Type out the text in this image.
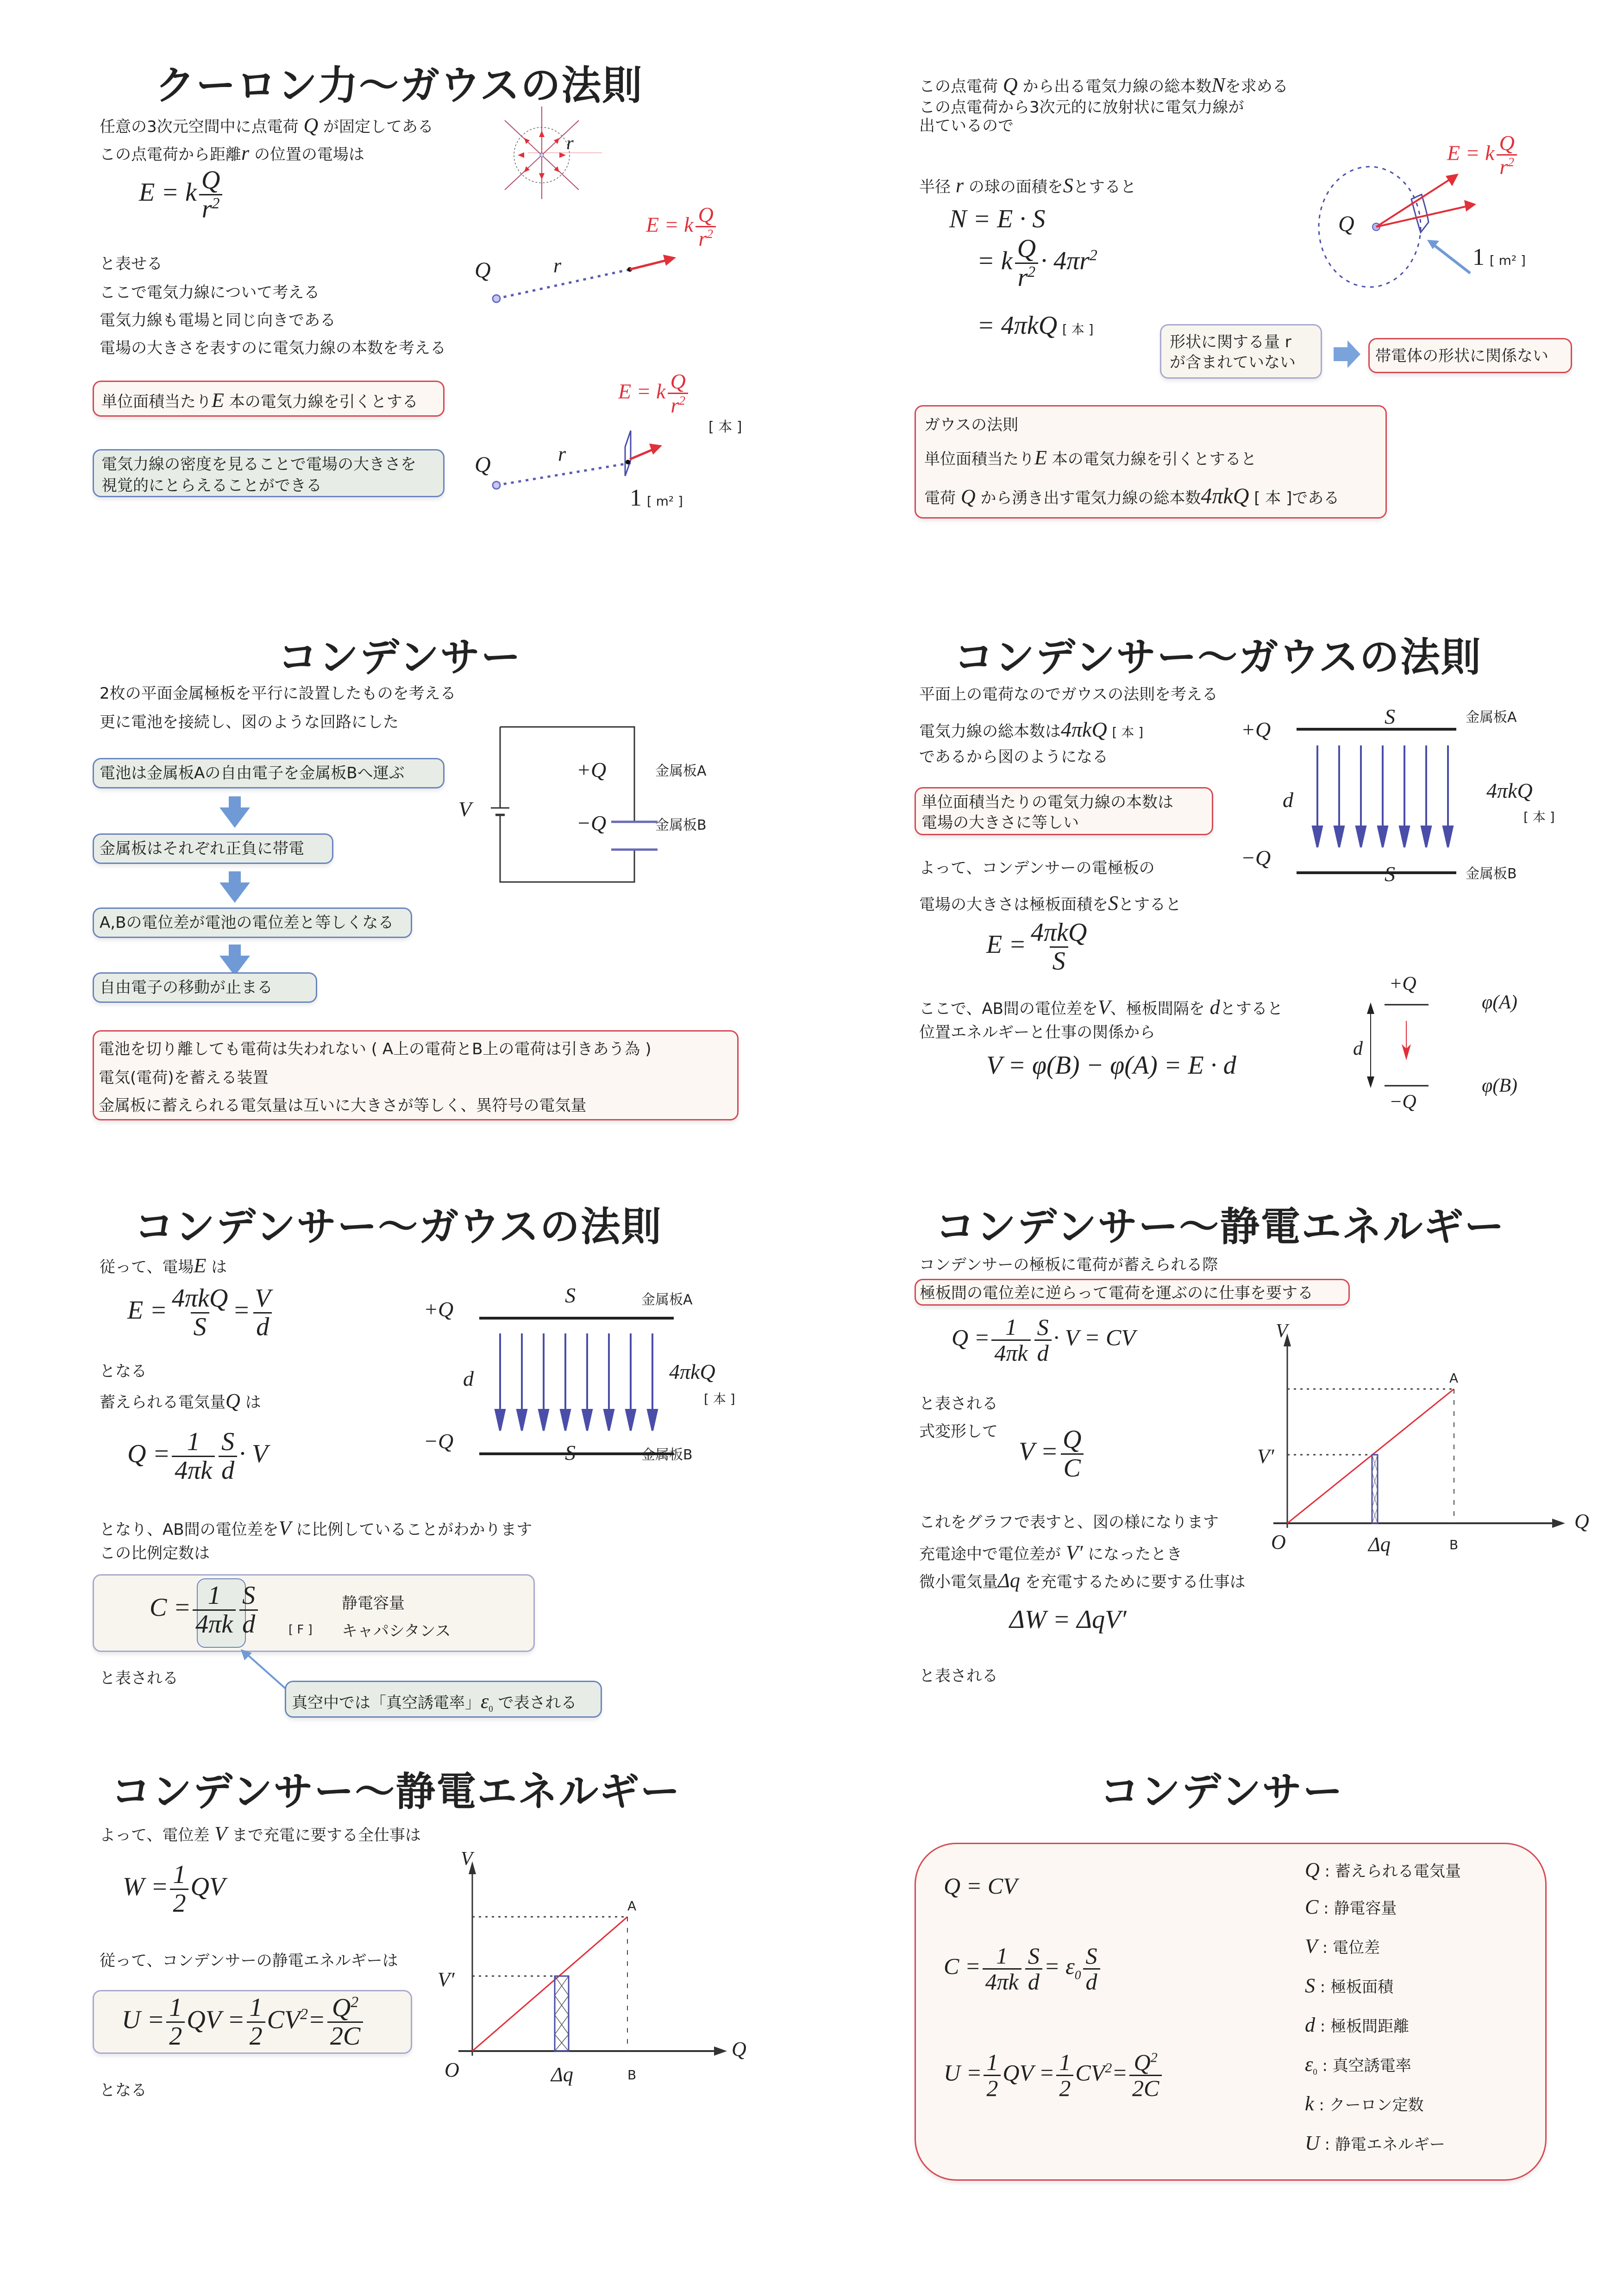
クーロン力～ガウスの法則
任意の3次元空間中に点電荷 Q が固定してある
この点電荷から距離r の位置の電場は
E = k $\frac{Q}{r^2}$
と表せる
ここで電気力線について考える
電気力線も電場と同じ向きである
電場の大きさを表すのに電気力線の本数を考える
単位面積当たりE 本の電気力線を引くとする
電気力線の密度を見ることで電場の大きさを
視覚的にとらえることができる
r
Q	r
E = k $\frac{Q}{r^2}$
Q	r
E = k $\frac{Q}{r^2}$
[ 本 ]
1 [ m² ]
この点電荷 Q から出る電気力線の総本数Nを求める
この点電荷から3次元的に放射状に電気力線が
出ているので
半径 r の球の面積をSとすると
N = E · S
= k $\frac{Q}{r^2} \cdot 4\pi r^2$
= 4πkQ [ 本 ]
形状に関する量 r
が含まれていない	帯電体の形状に関係ない
ガウスの法則
単位面積当たりE 本の電気力線を引くとすると
電荷 Q から湧き出す電気力線の総本数4πkQ [ 本 ]である
Q
E = k $\frac{Q}{r^2}$
1 [ m² ]
コンデンサー
2枚の平面金属極板を平行に設置したものを考える
更に電池を接続し、図のような回路にした
電池は金属板Aの自由電子を金属板Bへ運ぶ
金属板はそれぞれ正負に帯電
A,Bの電位差が電池の電位差と等しくなる
自由電子の移動が止まる
電池を切り離しても電荷は失われない ( A上の電荷とB上の電荷は引きあう為 )
電気(電荷)を蓄える装置
金属板に蓄えられる電気量は互いに大きさが等しく、異符号の電気量
V
+Q
−Q
金属板A
金属板B
コンデンサー～ガウスの法則
平面上の電荷なのでガウスの法則を考える
電気力線の総本数は4πkQ [ 本 ]
であるから図のようになる
単位面積当たりの電気力線の本数は
電場の大きさに等しい
よって、コンデンサーの電極板の
電場の大きさは極板面積をSとすると
+Q
−Q
S
S
d	4πkQ
[ 本 ]
金属板A
金属板B
$E = \frac{\text{4πkQ}}{S}$
ここで、AB間の電位差をV、極板間隔を dとすると
位置エネルギーと仕事の関係から
V = φ(B) − φ(A) = E · d
+Q
−Q
φ(A)
φ(B)
d
コンデンサー～ガウスの法則
従って、電場E は
$E = \frac{\text{4πkQ}}{S} = \frac{V}{d}$
となる
蓄えられる電気量Q は
$Q = \frac{1}{4\pi k} \frac{S}{d} \cdot V$
となり、AB間の電位差をV に比例していることがわかります
この比例定数は
$C = \frac{1}{4\pi k} \frac{S}{d}$	[ F ]
静電容量
キャパシタンス
と表される
真空中では「真空誘電率」$\varepsilon_0$ で表される
+Q
−Q
S
S
d	4πkQ
[ 本 ]
金属板A
金属板B
コンデンサー～静電エネルギー
コンデンサーの極板に電荷が蓄えられる際
極板間の電位差に逆らって電荷を運ぶのに仕事を要する
$Q = \frac{1}{4\pi k} \frac{S}{d} \cdot V$ = CV
と表される
式変形して
$V = \frac{Q}{C}$
これをグラフで表すと、図の様になります
充電途中で電位差が V′ になったとき
微小電気量Δq を充電するために要する仕事は
ΔW = ΔqV′
と表される
V
Q
O
V′
Δq
A
B
コンデンサー～静電エネルギー
よって、電位差 V まで充電に要する全仕事は
$W = \frac{1}{2}$ QV
従って、コンデンサーの静電エネルギーは
$U = \frac{1}{2}$ QV = $\frac{1}{2} CV^2= \frac{Q^2}{2C}$
となる
V
Q
O
V′
Δq
A
B
コンデンサー
Q = CV
$C = \frac{1}{4\pi k} \frac{S}{d} = \varepsilon_0 \frac{S}{d}$
$U = \frac{1}{2}$ QV = $\frac{1}{2} CV^2= \frac{Q^2}{2C}$
Q : 蓄えられる電気量
C : 静電容量
V : 電位差
S : 極板面積
d : 極板間距離
$\varepsilon_0$ : 真空誘電率
k : クーロン定数
U : 静電エネルギー
